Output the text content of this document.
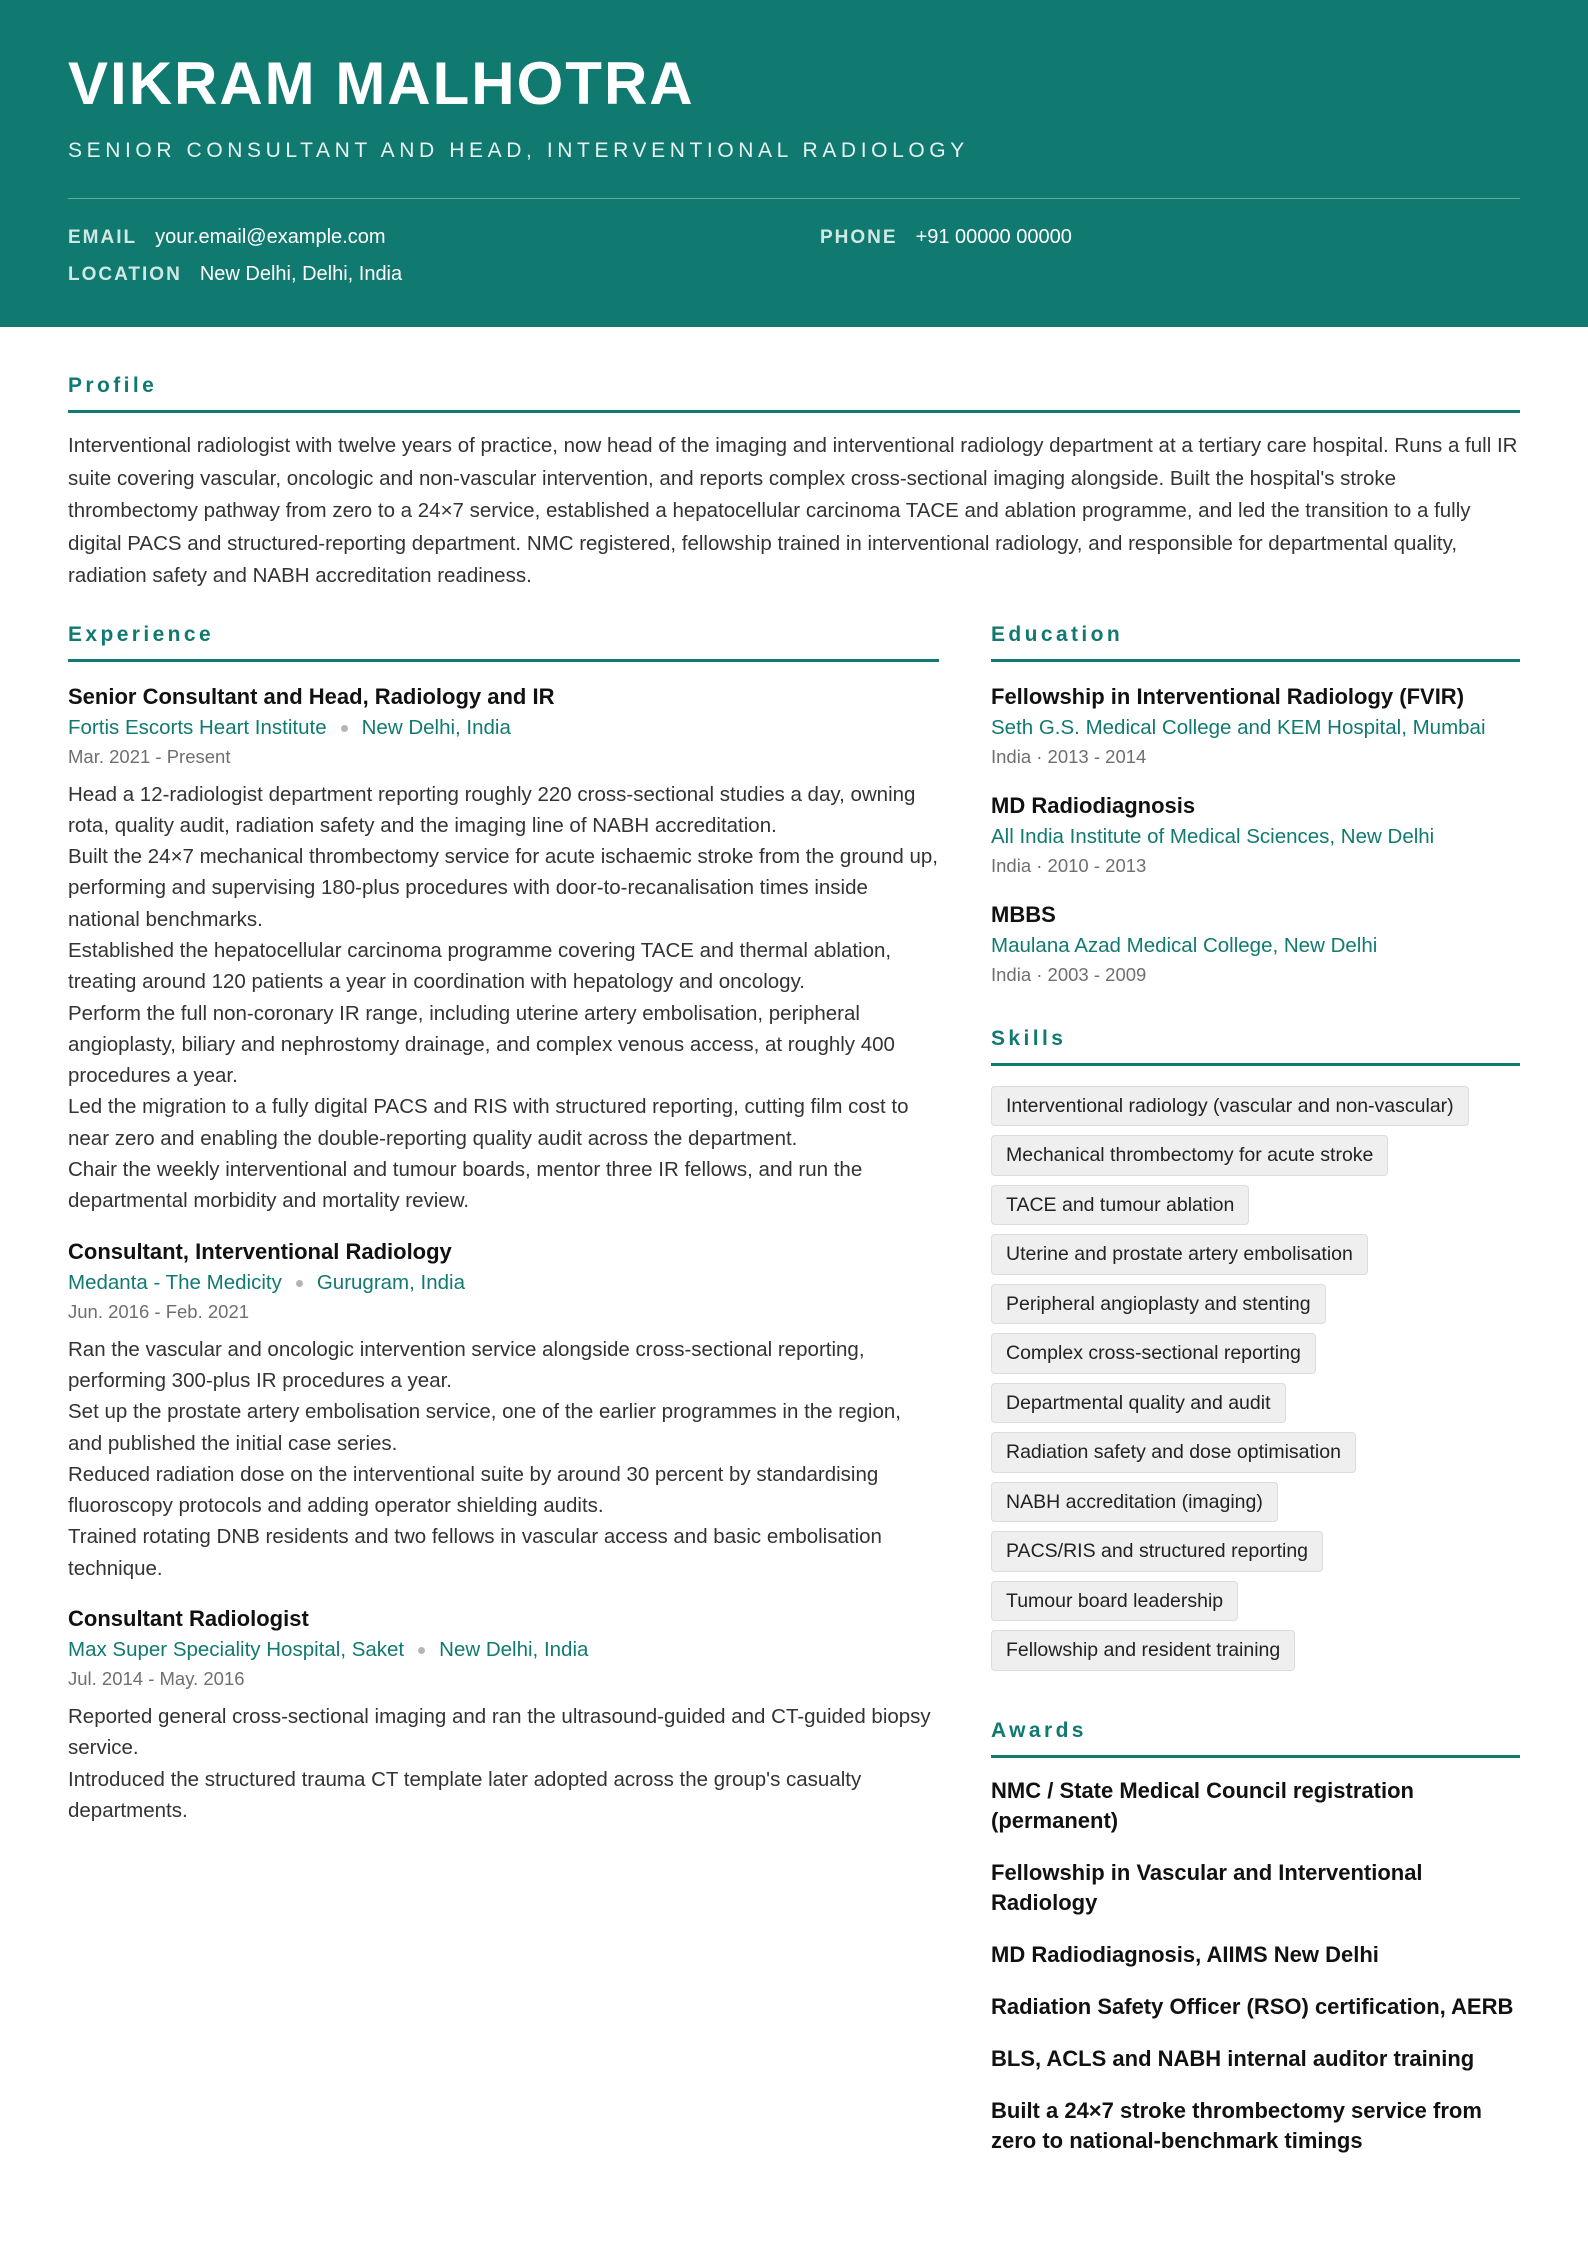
VIKRAM MALHOTRA
SENIOR CONSULTANT AND HEAD, INTERVENTIONAL RADIOLOGY
EMAIL your.email@example.com	PHONE +91 00000 00000
LOCATION New Delhi, Delhi, India
Profile
Interventional radiologist with twelve years of practice, now head of the imaging and interventional radiology department at a tertiary care hospital. Runs a full IR suite covering vascular, oncologic and non-vascular intervention, and reports complex cross-sectional imaging alongside. Built the hospital's stroke thrombectomy pathway from zero to a 24×7 service, established a hepatocellular carcinoma TACE and ablation programme, and led the transition to a fully digital PACS and structured-reporting department. NMC registered, fellowship trained in interventional radiology, and responsible for departmental quality, radiation safety and NABH accreditation readiness.
Experience
Senior Consultant and Head, Radiology and IR
Fortis Escorts Heart Institute New Delhi, India
Mar. 2021 - Present
Head a 12-radiologist department reporting roughly 220 cross-sectional studies a day, owning rota, quality audit, radiation safety and the imaging line of NABH accreditation.
Built the 24×7 mechanical thrombectomy service for acute ischaemic stroke from the ground up, performing and supervising 180-plus procedures with door-to-recanalisation times inside national benchmarks.
Established the hepatocellular carcinoma programme covering TACE and thermal ablation, treating around 120 patients a year in coordination with hepatology and oncology.
Perform the full non-coronary IR range, including uterine artery embolisation, peripheral angioplasty, biliary and nephrostomy drainage, and complex venous access, at roughly 400 procedures a year.
Led the migration to a fully digital PACS and RIS with structured reporting, cutting film cost to near zero and enabling the double-reporting quality audit across the department.
Chair the weekly interventional and tumour boards, mentor three IR fellows, and run the departmental morbidity and mortality review.
Consultant, Interventional Radiology
Medanta - The Medicity Gurugram, India
Jun. 2016 - Feb. 2021
Ran the vascular and oncologic intervention service alongside cross-sectional reporting, performing 300-plus IR procedures a year.
Set up the prostate artery embolisation service, one of the earlier programmes in the region, and published the initial case series.
Reduced radiation dose on the interventional suite by around 30 percent by standardising fluoroscopy protocols and adding operator shielding audits.
Trained rotating DNB residents and two fellows in vascular access and basic embolisation technique.
Consultant Radiologist
Max Super Speciality Hospital, Saket New Delhi, India
Jul. 2014 - May. 2016
Reported general cross-sectional imaging and ran the ultrasound-guided and CT-guided biopsy service.
Introduced the structured trauma CT template later adopted across the group's casualty departments.
Education
Fellowship in Interventional Radiology (FVIR)
Seth G.S. Medical College and KEM Hospital, Mumbai
India · 2013 - 2014
MD Radiodiagnosis
All India Institute of Medical Sciences, New Delhi
India · 2010 - 2013
MBBS
Maulana Azad Medical College, New Delhi
India · 2003 - 2009
Skills
Interventional radiology (vascular and non-vascular)
Mechanical thrombectomy for acute stroke
TACE and tumour ablation
Uterine and prostate artery embolisation
Peripheral angioplasty and stenting
Complex cross-sectional reporting
Departmental quality and audit
Radiation safety and dose optimisation
NABH accreditation (imaging)
PACS/RIS and structured reporting
Tumour board leadership
Fellowship and resident training
Awards
NMC / State Medical Council registration (permanent)
Fellowship in Vascular and Interventional Radiology
MD Radiodiagnosis, AIIMS New Delhi
Radiation Safety Officer (RSO) certification, AERB
BLS, ACLS and NABH internal auditor training
Built a 24×7 stroke thrombectomy service from zero to national-benchmark timings
